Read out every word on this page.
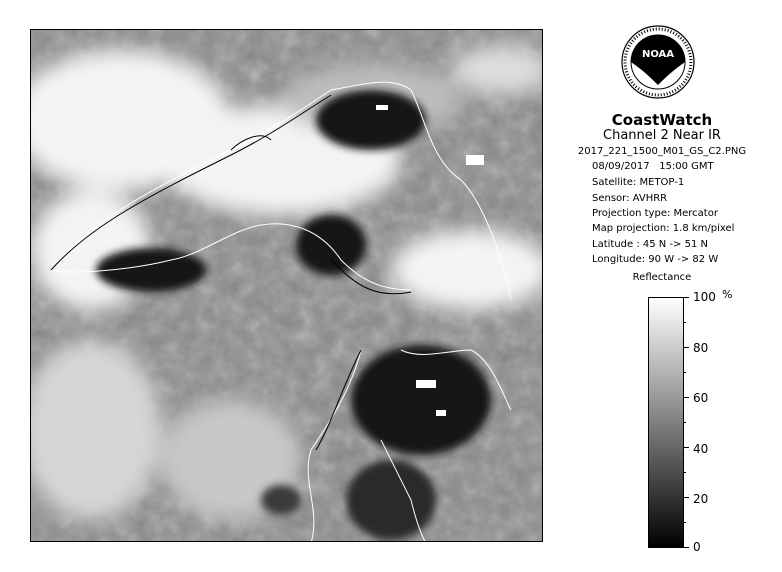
NOAA
CoastWatch
Channel 2 Near IR
2017_221_1500_M01_GS_C2.PNG
08/09/2017 15:00 GMT
Satellite: METOP-1
Sensor: AVHRR
Projection type: Mercator
Map projection: 1.8 km/pixel
Latitude : 45 N -> 51 N
Longitude: 90 W -> 82 W
Reflectance
100
80
60
40
20
0
%
